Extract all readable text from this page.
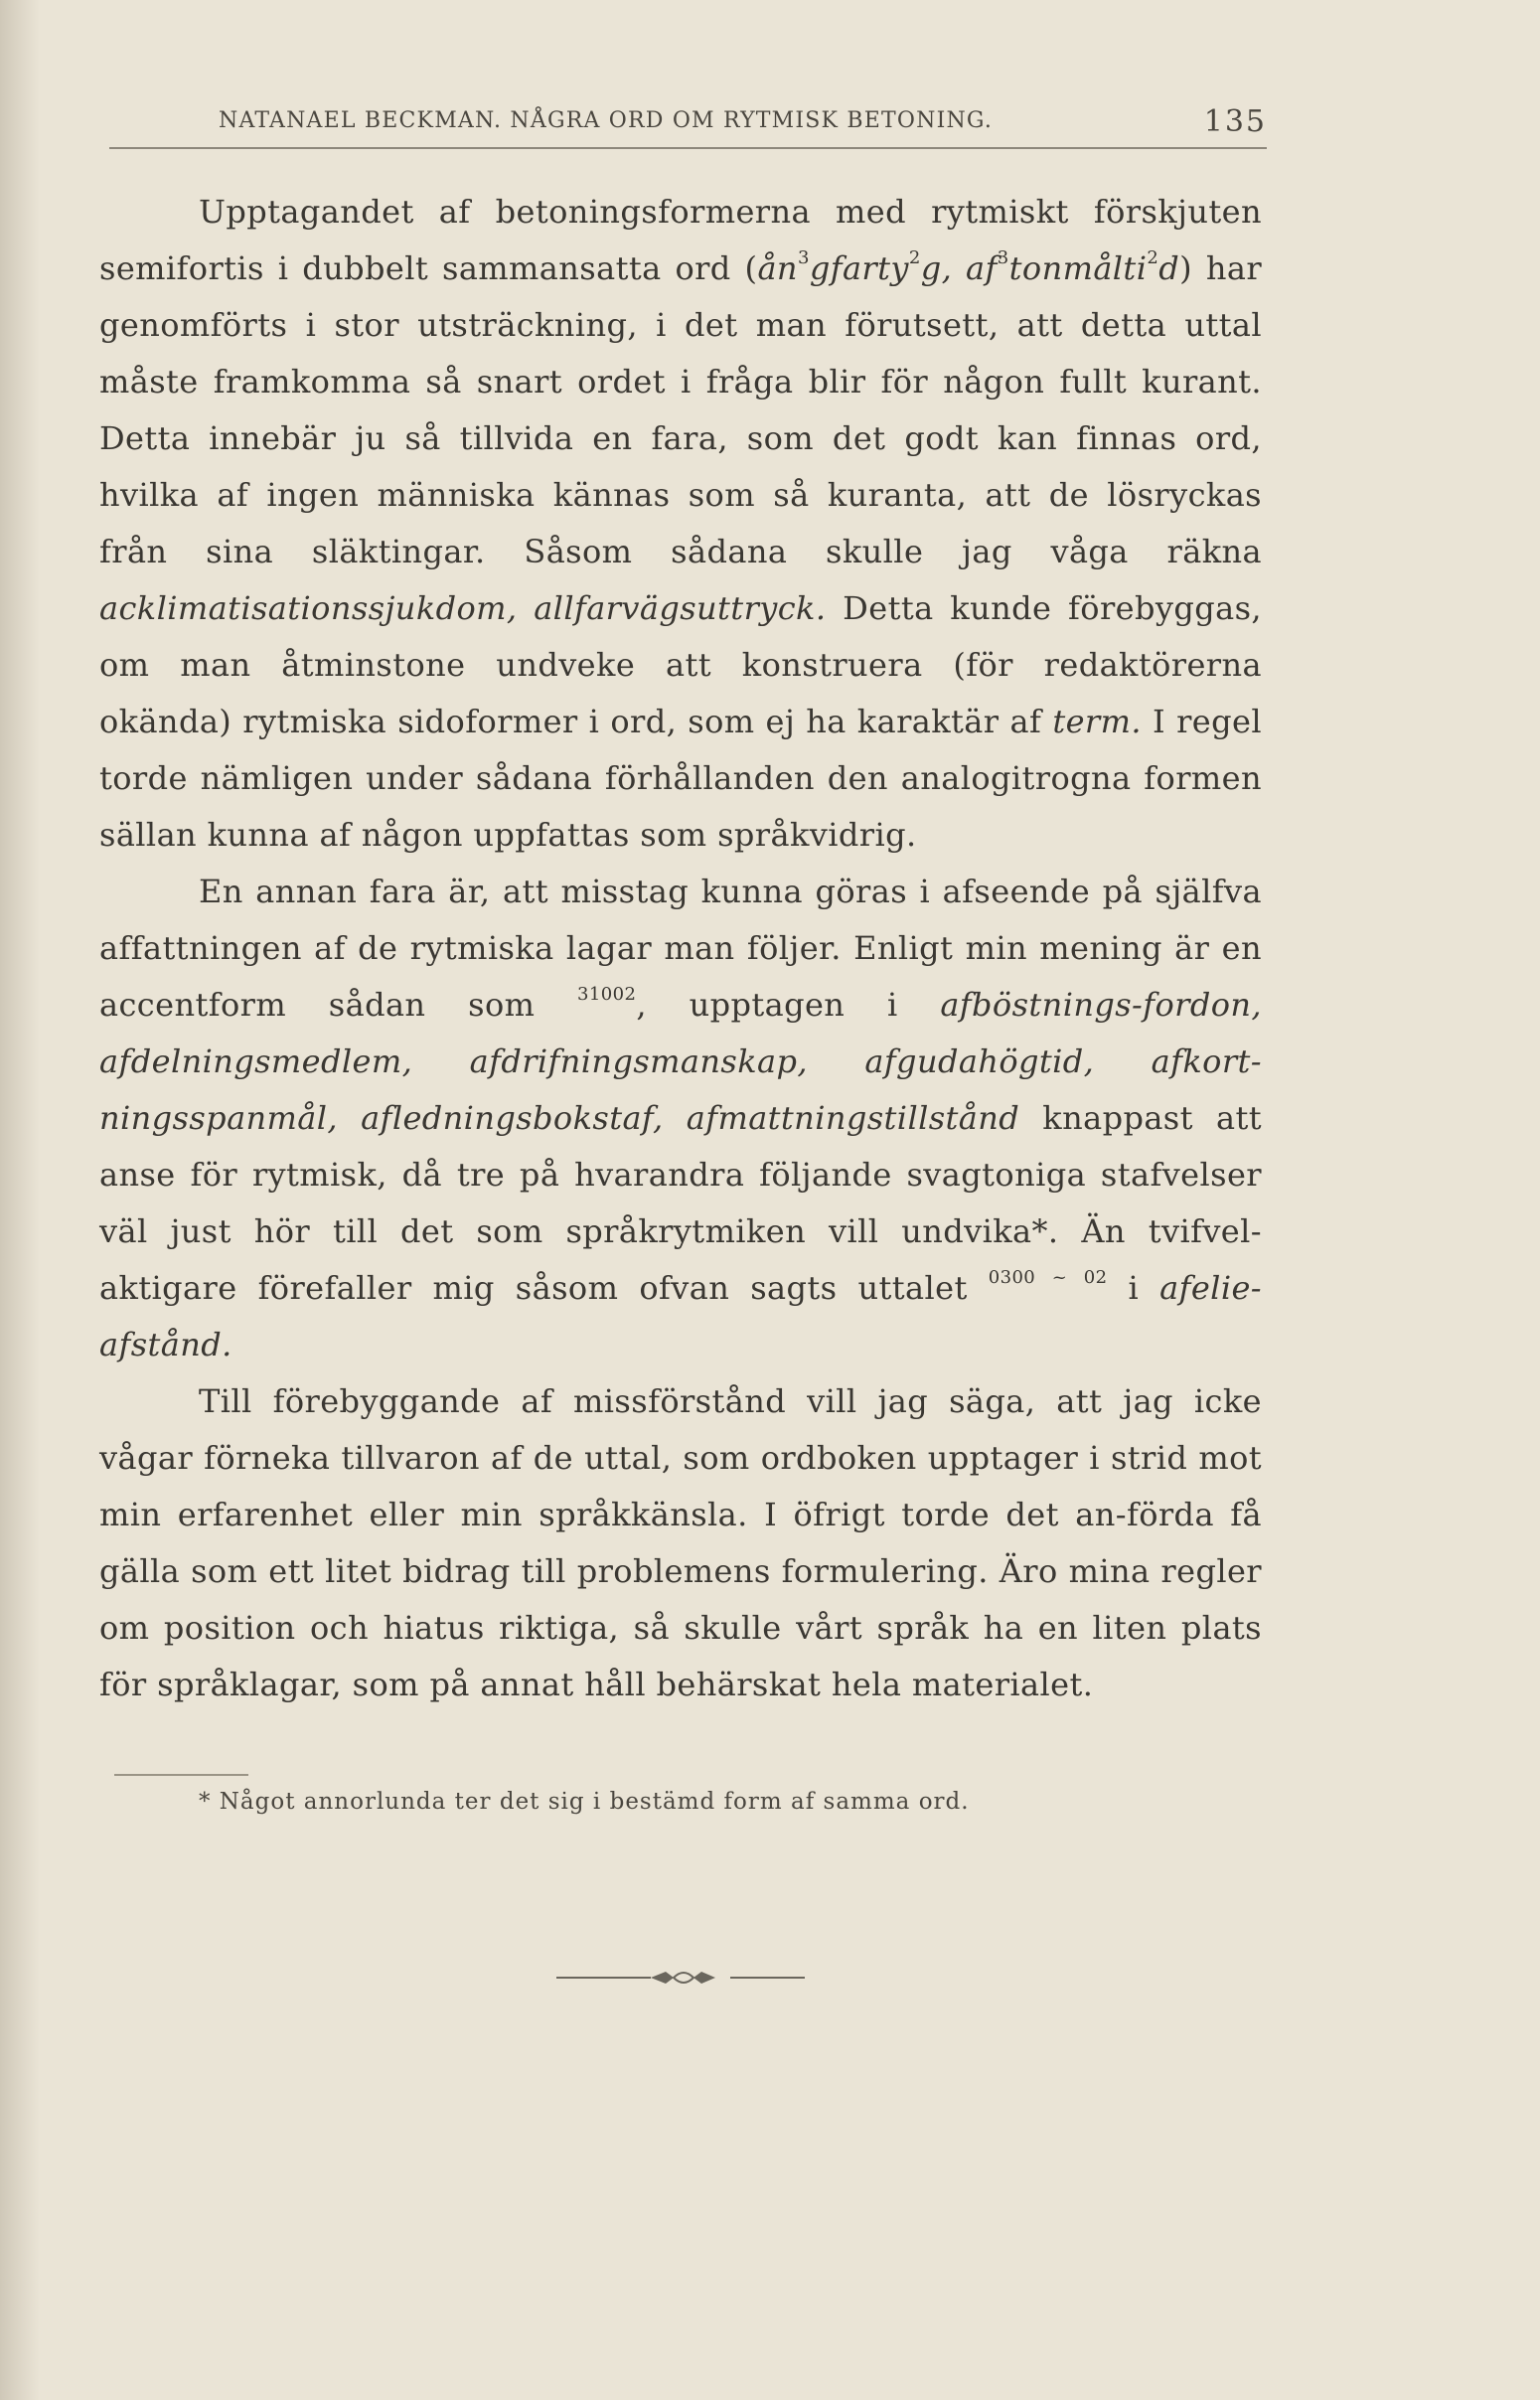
NATANAEL BECKMAN. NÅGRA ORD OM RYTMISK BETONING.	135

Upptagandet af betoningsformerna med rytmiskt förskjuten semifortis i dubbelt sammansatta ord ($ån^3gfarty^2g$, $af^3tonmålti^2d$) har genomförts i stor utsträckning, i det man förutsett, att detta uttal måste framkomma så snart ordet i fråga blir för någon fullt kurant. Detta innebär ju så tillvida en fara, som det godt kan finnas ord, hvilka af ingen människa kännas som så kuranta, att de lösryckas från sina släktingar. Såsom sådana skulle jag våga räkna acklimatisationssjukdom, allfarvägsuttryck. Detta kunde förebyggas, om man åtminstone undveke att konstruera (för redaktörerna okända) rytmiska sidoformer i ord, som ej ha karaktär af term. I regel torde nämligen under sådana förhållanden den analogitrogna formen sällan kunna af någon uppfattas som språkvidrig.

En annan fara är, att misstag kunna göras i afseende på själfva affattningen af de rytmiska lagar man följer. Enligt min mening är en accentform sådan som $^{31002}$, upptagen i afböstnings-fordon, afdelningsmedlem, afdrifningsmanskap, afgudahögtid, afkort-ningsspanmål, afledningsbokstaf, afmattningstillstånd knappast att anse för rytmisk, då tre på hvarandra följande svagtoniga stafvelser väl just hör till det som språkrytmiken vill undvika*. Än tvifvel-aktigare förefaller mig såsom ofvan sagts uttalet $^{0300 \sim 02}$ i afelie-afstånd.

Till förebyggande af missförstånd vill jag säga, att jag icke vågar förneka tillvaron af de uttal, som ordboken upptager i strid mot min erfarenhet eller min språkkänsla. I öfrigt torde det an-förda få gälla som ett litet bidrag till problemens formulering. Äro mina regler om position och hiatus riktiga, så skulle vårt språk ha en liten plats för språklagar, som på annat håll behärskat hela materialet.

* Något annorlunda ter det sig i bestämd form af samma ord.
